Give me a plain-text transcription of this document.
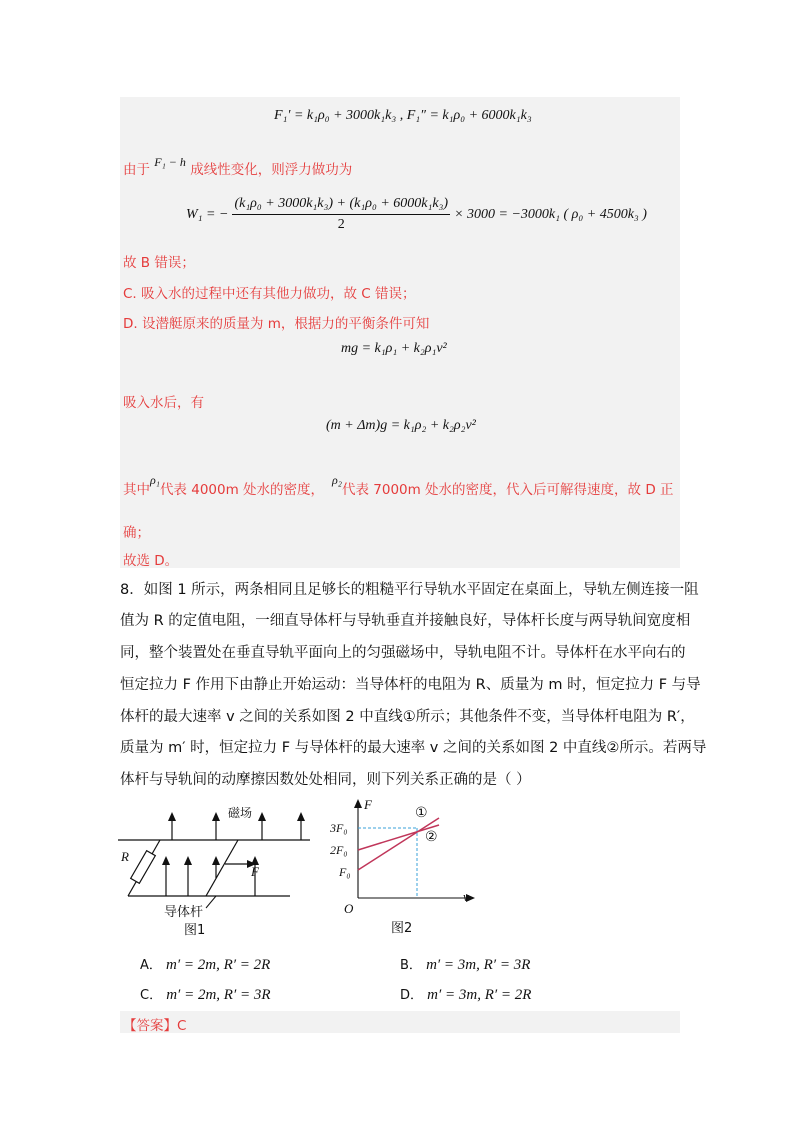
F₁′ = k₁ρ₀ + 3000k₁k₃ , F₁″ = k₁ρ₀ + 6000k₁k₃
由于 F₁ − h 成线性变化，则浮力做功为
W₁ = − $\frac{\text{(k₁ρ₀ + 3000k₁k₃) + (k₁ρ₀ + 6000k₁k₃)}}{2} \times 3000 = -3000k_1$ ( ρ₀ + 4500k₃ )
故 B 错误；
C. 吸入水的过程中还有其他力做功，故 C 错误；
D. 设潜艇原来的质量为 m，根据力的平衡条件可知
mg = k₁ρ₁ + k₂ρ₁v²
吸入水后，有
(m + Δm)g = k₁ρ₂ + k₂ρ₂v²
其中ρ₁代表 4000m 处水的密度，ρ₂代表 7000m 处水的密度，代入后可解得速度，故 D 正
确；
故选 D。
8．如图 1 所示，两条相同且足够长的粗糙平行导轨水平固定在桌面上，导轨左侧连接一阻
值为 R 的定值电阻，一细直导体杆与导轨垂直并接触良好，导体杆长度与两导轨间宽度相
同，整个装置处在垂直导轨平面向上的匀强磁场中，导轨电阻不计。导体杆在水平向右的
恒定拉力 F 作用下由静止开始运动：当导体杆的电阻为 R、质量为 m 时，恒定拉力 F 与导
体杆的最大速率 v 之间的关系如图 2 中直线①所示；其他条件不变，当导体杆电阻为 R′，
质量为 m′ 时，恒定拉力 F 与导体杆的最大速率 v 之间的关系如图 2 中直线②所示。若两导
体杆与导轨间的动摩擦因数处处相同，则下列关系正确的是（ ）
磁场
R
F
导体杆
图1
F
v
O
3F₀
2F₀
F₀
①
②
图2
A． m′ = 2m, R′ = 2R	B． m′ = 3m, R′ = 3R
C． m′ = 2m, R′ = 3R	D． m′ = 3m, R′ = 2R
【答案】C
